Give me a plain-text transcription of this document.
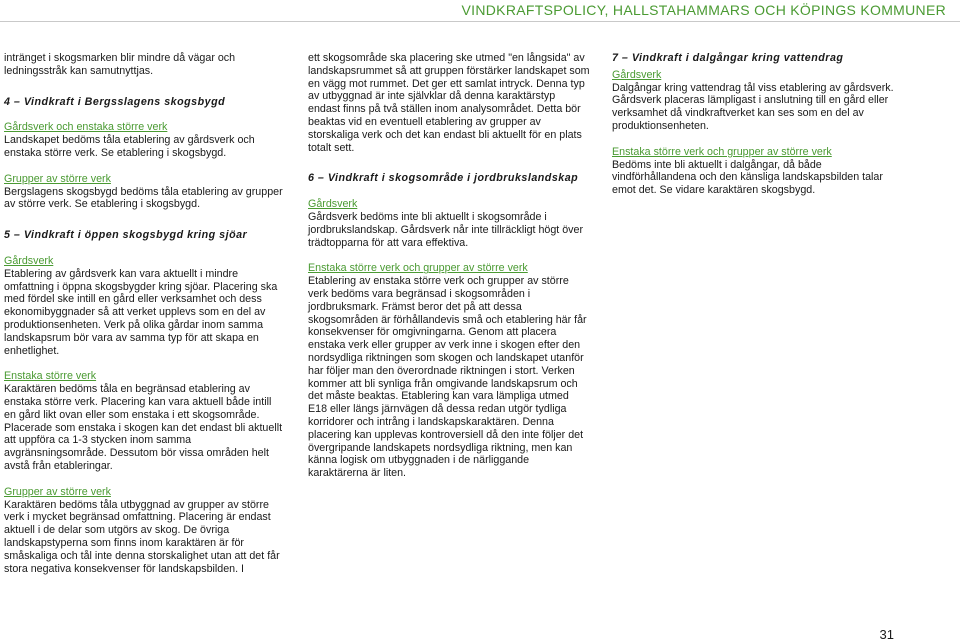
VINDKRAFTSPOLICY, HALLSTAHAMMARS OCH KÖPINGS KOMMUNER

intränget i skogsmarken blir mindre då vägar och ledningsstråk kan samutnyttjas.

4 – Vindkraft i Bergsslagens skogsbygd

Gårdsverk och enstaka större verk

Landskapet bedöms tåla etablering av gårdsverk och enstaka större verk. Se etablering i skogsbygd.

Grupper av större verk

Bergslagens skogsbygd bedöms tåla etablering av grupper av större verk. Se etablering i skogsbygd.

5 – Vindkraft i öppen skogsbygd kring sjöar

Gårdsverk

Etablering av gårdsverk kan vara aktuellt i mindre omfattning i öppna skogsbygder kring sjöar. Placering ska med fördel ske intill en gård eller verksamhet och dess ekonomibyggnader så att verket upplevs som en del av produktionsenheten. Verk på olika gårdar inom samma landskapsrum bör vara av samma typ för att skapa en enhetlighet.

Enstaka större verk

Karaktären bedöms tåla en begränsad etablering av enstaka större verk. Placering kan vara aktuell både intill en gård likt ovan eller som enstaka i ett skogsområde. Placerade som enstaka i skogen kan det endast bli aktuellt att uppföra ca 1-3 stycken inom samma avgränsningsområde. Dessutom bör vissa områden helt avstå från etableringar.

Grupper av större verk

Karaktären bedöms tåla utbyggnad av grupper av större verk i mycket begränsad omfattning. Placering är endast aktuell i de delar som utgörs av skog. De övriga landskapstyperna som finns inom karaktären är för småskaliga och tål inte denna storskalighet utan att det får stora negativa konsekvenser för landskapsbilden. I

ett skogsområde ska placering ske utmed "en långsida" av landskapsrummet så att gruppen förstärker landskapet som en vägg mot rummet. Det ger ett samlat intryck. Denna typ av utbyggnad är inte självklar då denna karaktärstyp endast finns på två ställen inom analysområdet. Detta bör beaktas vid en eventuell etablering av grupper av storskaliga verk och det kan endast bli aktuellt för en plats totalt sett.

6 – Vindkraft i skogsområde i jordbrukslandskap

Gårdsverk

Gårdsverk bedöms inte bli aktuellt i skogsområde i jordbrukslandskap. Gårdsverk når inte tillräckligt högt över trädtopparna för att vara effektiva.

Enstaka större verk och grupper av större verk

Etablering av enstaka större verk och grupper av större verk bedöms vara begränsad i skogsområden i jordbruksmark. Främst beror det på att dessa skogsområden är förhållandevis små och etablering här får konsekvenser för omgivningarna. Genom att placera enstaka verk eller grupper av verk inne i skogen efter den nordsydliga riktningen som skogen och landskapet utanför har följer man den överordnade riktningen i stort. Verken kommer att bli synliga från omgivande landskapsrum och det måste beaktas. Etablering kan vara lämpliga utmed E18 eller längs järnvägen då dessa redan utgör tydliga korridorer och intrång i landskapskaraktären. Denna placering kan upplevas kontroversiell då den inte följer det övergripande landskapets nordsydliga riktning, men kan känna logisk om utbyggnaden i de närliggande karaktärerna är liten.

7 – Vindkraft i dalgångar kring vattendrag

Gårdsverk

Dalgångar kring vattendrag tål viss etablering av gårdsverk. Gårdsverk placeras lämpligast i anslutning till en gård eller verksamhet då vindkraftverket kan ses som en del av produktionsenheten.

Enstaka större verk och grupper av större verk

Bedöms inte bli aktuellt i dalgångar, då både vindförhållandena och den känsliga landskapsbilden talar emot det. Se vidare karaktären skogsbygd.

31
